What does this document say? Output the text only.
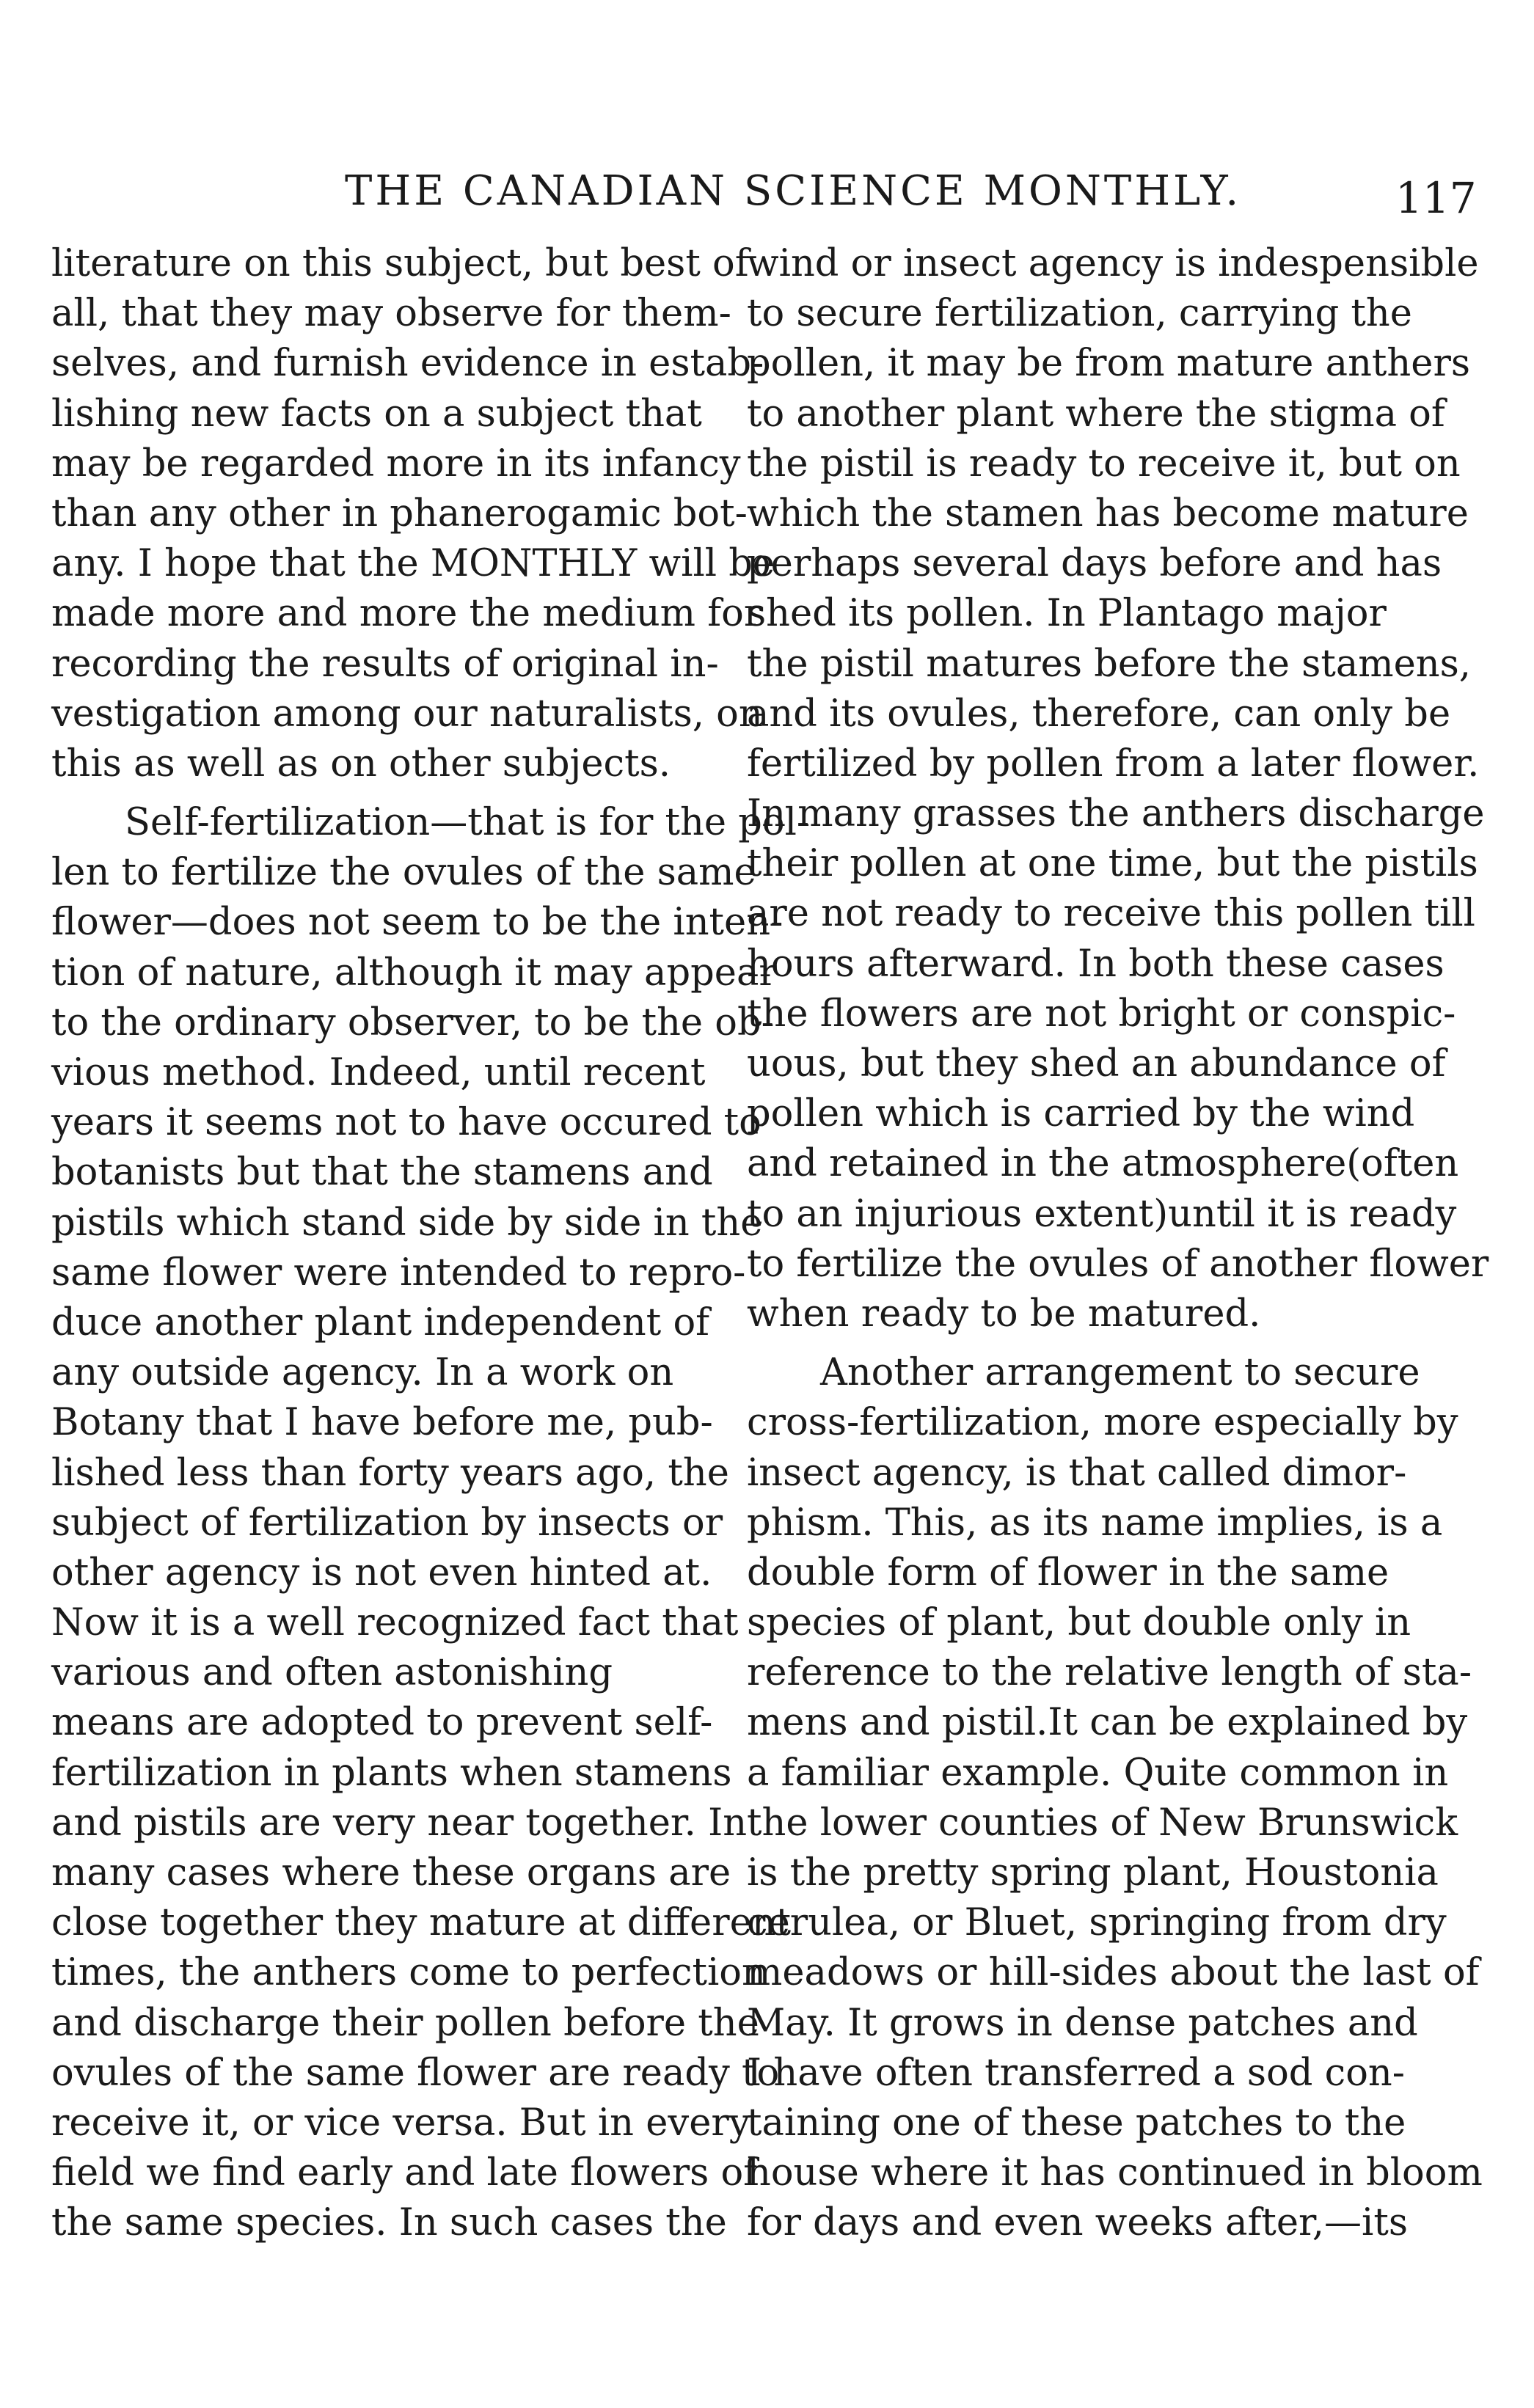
THE CANADIAN SCIENCE MONTHLY.	117
literature on this subject, but best of
all, that they may observe for them-
selves, and furnish evidence in estab-
lishing new facts on a subject that
may be regarded more in its infancy
than any other in phanerogamic bot-
any. I hope that the MONTHLY will be
made more and more the medium for
recording the results of original in-
vestigation among our naturalists, on
this as well as on other subjects.
Self-fertilization—that is for the pol-
len to fertilize the ovules of the same
flower—does not seem to be the inten-
tion of nature, although it may appear
to the ordinary observer, to be the ob-
vious method. Indeed, until recent
years it seems not to have occured to
botanists but that the stamens and
pistils which stand side by side in the
same flower were intended to repro-
duce another plant independent of
any outside agency. In a work on
Botany that I have before me, pub-
lished less than forty years ago, the
subject of fertilization by insects or
other agency is not even hinted at.
Now it is a well recognized fact that
various and often astonishing
means are adopted to prevent self-
fertilization in plants when stamens
and pistils are very near together. In
many cases where these organs are
close together they mature at different
times, the anthers come to perfection
and discharge their pollen before the
ovules of the same flower are ready to
receive it, or vice versa. But in every
field we find early and late flowers of
the same species. In such cases the
wind or insect agency is indespensible
to secure fertilization, carrying the
pollen, it may be from mature anthers
to another plant where the stigma of
the pistil is ready to receive it, but on
which the stamen has become mature
perhaps several days before and has
shed its pollen. In Plantago major
the pistil matures before the stamens,
and its ovules, therefore, can only be
fertilized by pollen from a later flower.
In many grasses the anthers discharge
their pollen at one time, but the pistils
are not ready to receive this pollen till
hours afterward. In both these cases
the flowers are not bright or conspic-
uous, but they shed an abundance of
pollen which is carried by the wind
and retained in the atmosphere(often
to an injurious extent)until it is ready
to fertilize the ovules of another flower
when ready to be matured.
Another arrangement to secure
cross-fertilization, more especially by
insect agency, is that called dimor-
phism. This, as its name implies, is a
double form of flower in the same
species of plant, but double only in
reference to the relative length of sta-
mens and pistil.It can be explained by
a familiar example. Quite common in
the lower counties of New Brunswick
is the pretty spring plant, Houstonia
cerulea, or Bluet, springing from dry
meadows or hill-sides about the last of
May. It grows in dense patches and
I have often transferred a sod con-
taining one of these patches to the
house where it has continued in bloom
for days and even weeks after,—its
